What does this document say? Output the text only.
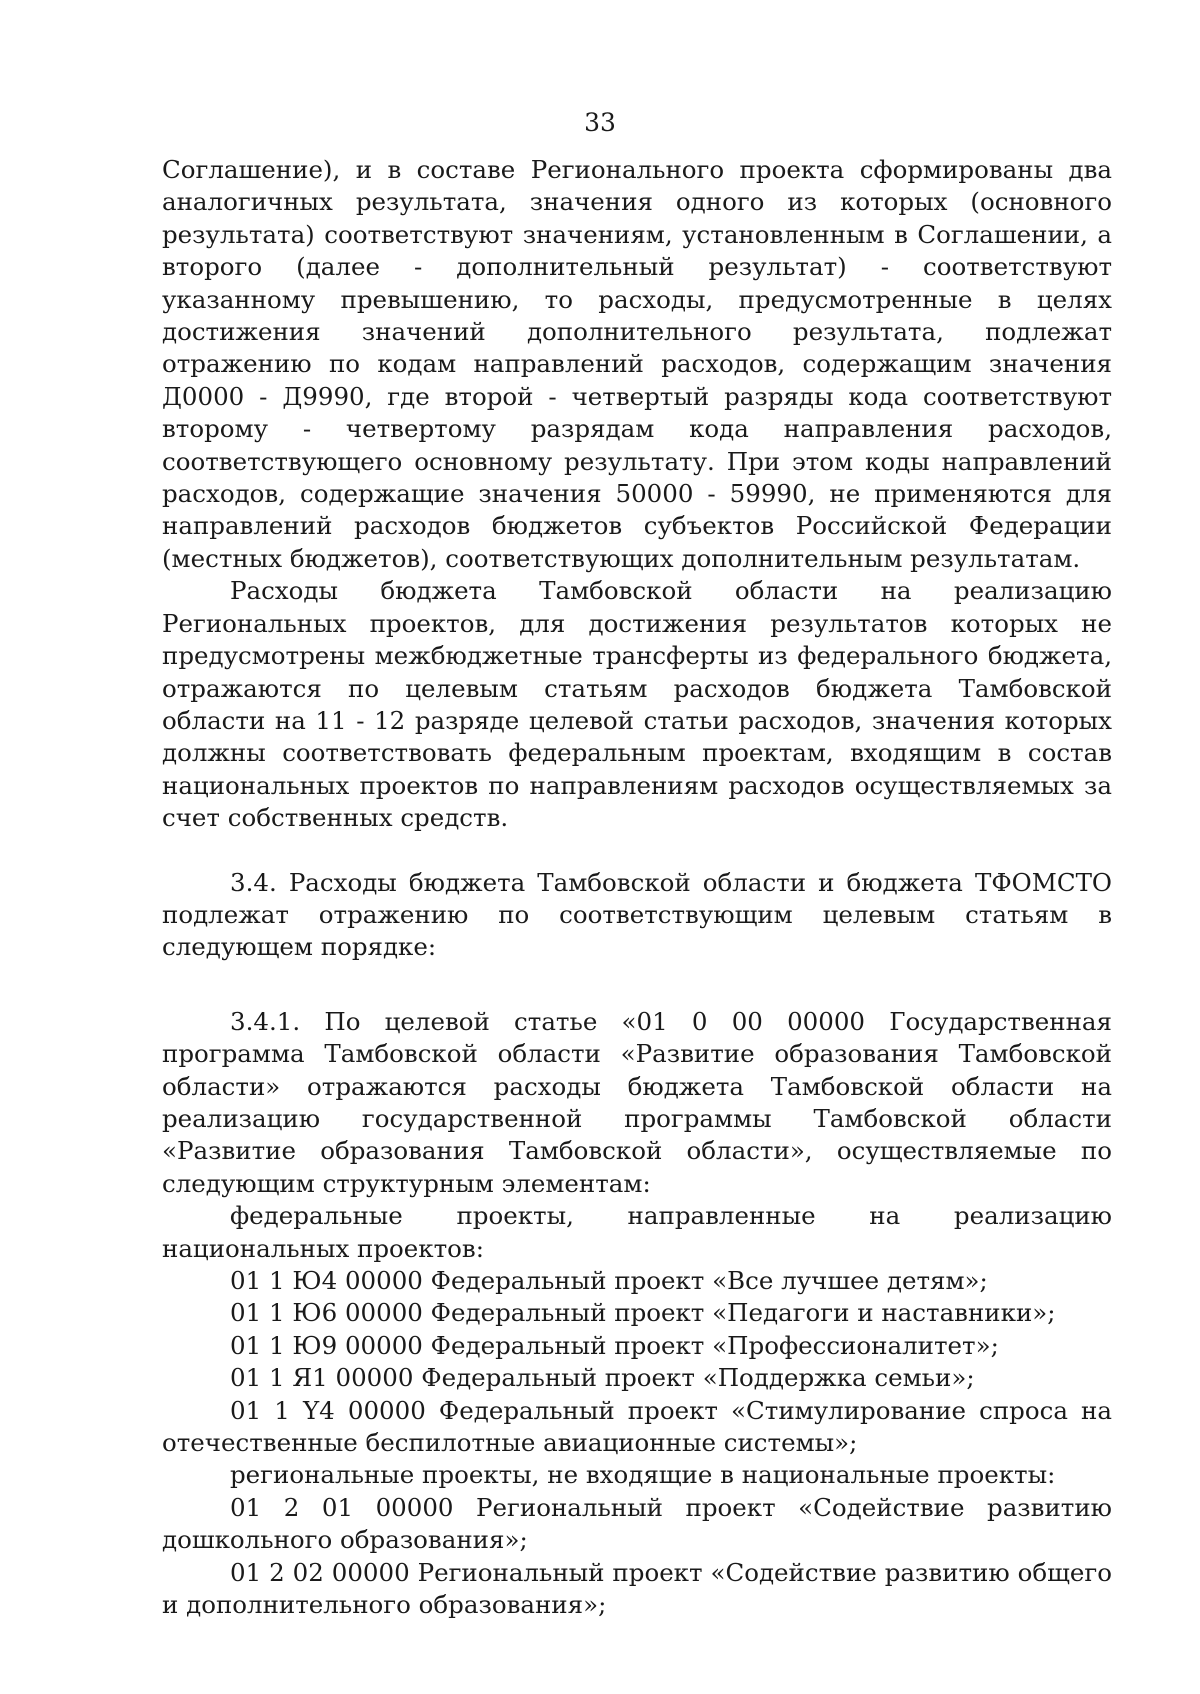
33

Соглашение), и в составе Регионального проекта сформированы два аналогичных результата, значения одного из которых (основного результата) соответствуют значениям, установленным в Соглашении, а второго (далее - дополнительный результат) - соответствуют указанному превышению, то расходы, предусмотренные в целях достижения значений дополнительного результата, подлежат отражению по кодам направлений расходов, содержащим значения Д0000 - Д9990, где второй - четвертый разряды кода соответствуют второму - четвертому разрядам кода направления расходов, соответствующего основному результату. При этом коды направлений расходов, содержащие значения 50000 - 59990, не применяются для направлений расходов бюджетов субъектов Российской Федерации (местных бюджетов), соответствующих дополнительным результатам.

Расходы бюджета Тамбовской области на реализацию Региональных проектов, для достижения результатов которых не предусмотрены межбюджетные трансферты из федерального бюджета, отражаются по целевым статьям расходов бюджета Тамбовской области на 11 - 12 разряде целевой статьи расходов, значения которых должны соответствовать федеральным проектам, входящим в состав национальных проектов по направлениям расходов осуществляемых за счет собственных средств.

3.4. Расходы бюджета Тамбовской области и бюджета ТФОМСТО подлежат отражению по соответствующим целевым статьям в следующем порядке:

3.4.1. По целевой статье «01 0 00 00000 Государственная программа Тамбовской области «Развитие образования Тамбовской области» отражаются расходы бюджета Тамбовской области на реализацию государственной программы Тамбовской области «Развитие образования Тамбовской области», осуществляемые по следующим структурным элементам:

федеральные проекты, направленные на реализацию национальных проектов:

01 1 Ю4 00000 Федеральный проект «Все лучшее детям»;

01 1 Ю6 00000 Федеральный проект «Педагоги и наставники»;

01 1 Ю9 00000 Федеральный проект «Профессионалитет»;

01 1 Я1 00000 Федеральный проект «Поддержка семьи»;

01 1 Y4 00000 Федеральный проект «Стимулирование спроса на отечественные беспилотные авиационные системы»;

региональные проекты, не входящие в национальные проекты:

01 2 01 00000 Региональный проект «Содействие развитию дошкольного образования»;

01 2 02 00000 Региональный проект «Содействие развитию общего и дополнительного образования»;
